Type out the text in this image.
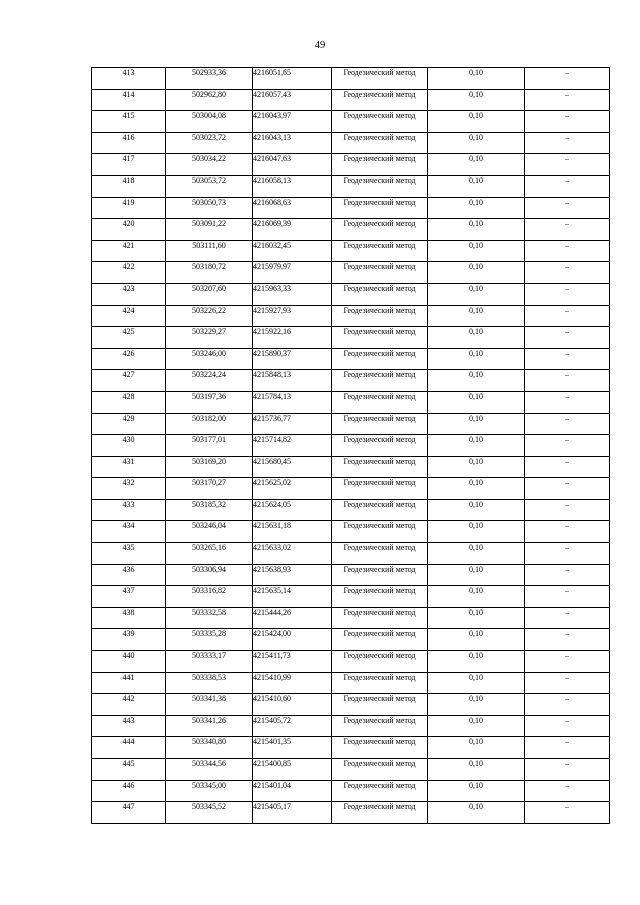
49
413	502933,36	4216051,65	Геодезический метод	0,10	–
414	502962,80	4216057,43	Геодезический метод	0,10	–
415	503004,08	4216043,97	Геодезический метод	0,10	–
416	503023,72	4216043,13	Геодезический метод	0,10	–
417	503034,22	4216047,63	Геодезический метод	0,10	–
418	503053,72	4216058,13	Геодезический метод	0,10	–
419	503050,73	4216068,63	Геодезический метод	0,10	–
420	503091,22	4216069,39	Геодезический метод	0,10	–
421	503111,60	4216032,45	Геодезический метод	0,10	–
422	503180,72	4215979,97	Геодезический метод	0,10	–
423	503207,60	4215963,33	Геодезический метод	0,10	–
424	503226,22	4215927,93	Геодезический метод	0,10	–
425	503229,27	4215922,16	Геодезический метод	0,10	–
426	503246,00	4215890,37	Геодезический метод	0,10	–
427	503224,24	4215848,13	Геодезический метод	0,10	–
428	503197,36	4215784,13	Геодезический метод	0,10	–
429	503182,00	4215736,77	Геодезический метод	0,10	–
430	503177,01	4215714,82	Геодезический метод	0,10	–
431	503169,20	4215680,45	Геодезический метод	0,10	–
432	503170,27	4215625,02	Геодезический метод	0,10	–
433	503185,32	4215624,05	Геодезический метод	0,10	–
434	503246,04	4215631,18	Геодезический метод	0,10	–
435	503265,16	4215633,02	Геодезический метод	0,10	–
436	503306,94	4215638,93	Геодезический метод	0,10	–
437	503316,82	4215635,14	Геодезический метод	0,10	–
438	503332,58	4215444,26	Геодезический метод	0,10	–
439	503335,28	4215424,00	Геодезический метод	0,10	–
440	503333,17	4215411,73	Геодезический метод	0,10	–
441	503338,53	4215410,99	Геодезический метод	0,10	–
442	503341,38	4215410,60	Геодезический метод	0,10	–
443	503341,26	4215405,72	Геодезический метод	0,10	–
444	503340,80	4215401,35	Геодезический метод	0,10	–
445	503344,56	4215400,85	Геодезический метод	0,10	–
446	503345,00	4215401,04	Геодезический метод	0,10	–
447	503345,52	4215405,17	Геодезический метод	0,10	–
